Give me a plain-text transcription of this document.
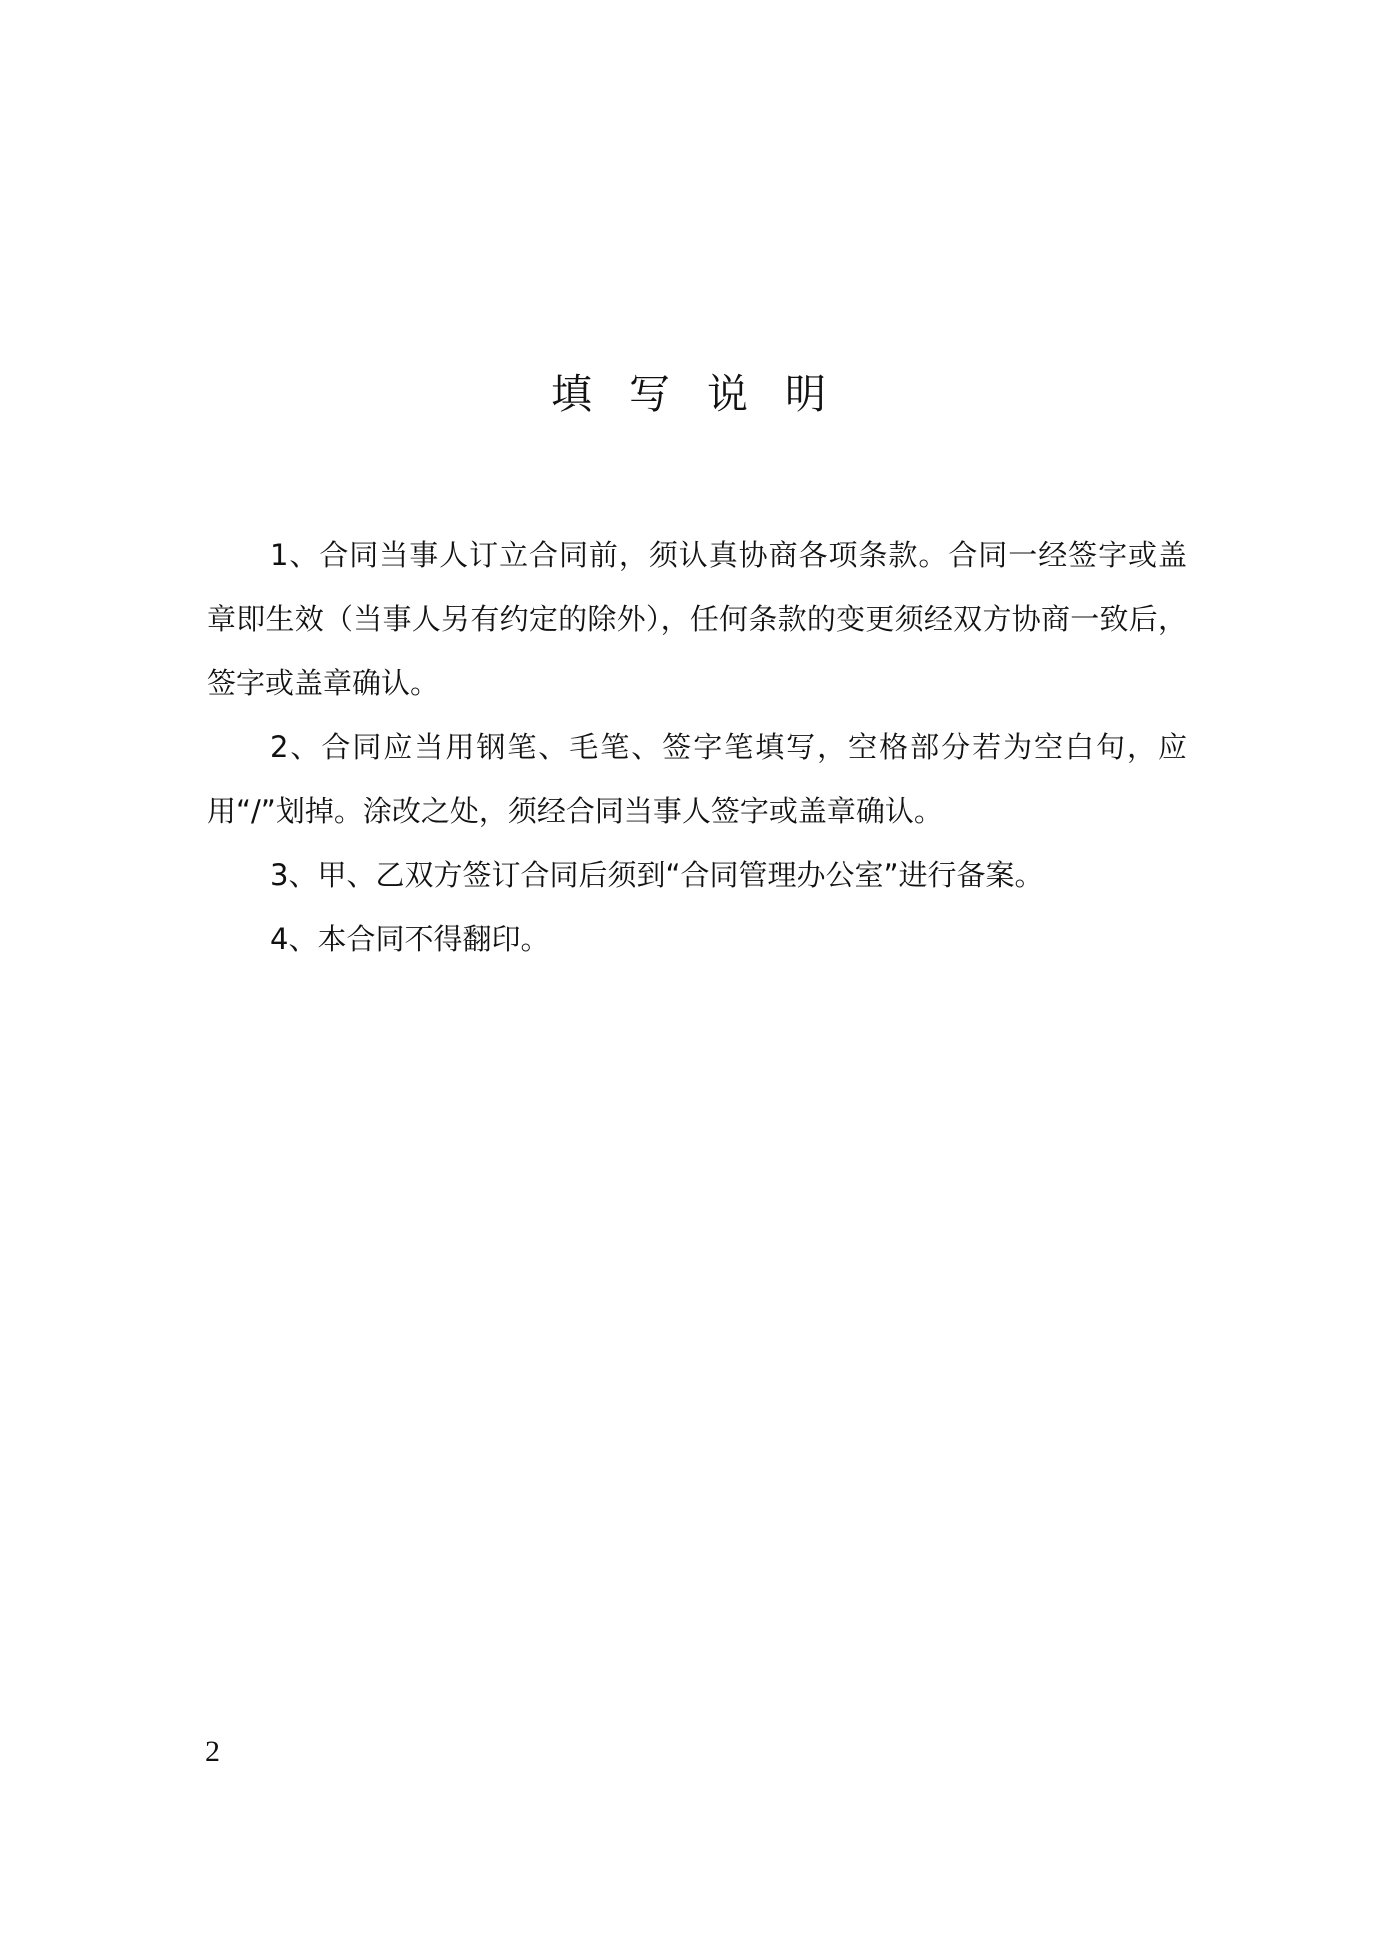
填写说明

1、合同当事人订立合同前，须认真协商各项条款。合同一经签字或盖章即生效（当事人另有约定的除外），任何条款的变更须经双方协商一致后，签字或盖章确认。

2、合同应当用钢笔、毛笔、签字笔填写，空格部分若为空白句，应用“/”划掉。涂改之处，须经合同当事人签字或盖章确认。

3、甲、乙双方签订合同后须到“合同管理办公室”进行备案。

4、本合同不得翻印。

2
